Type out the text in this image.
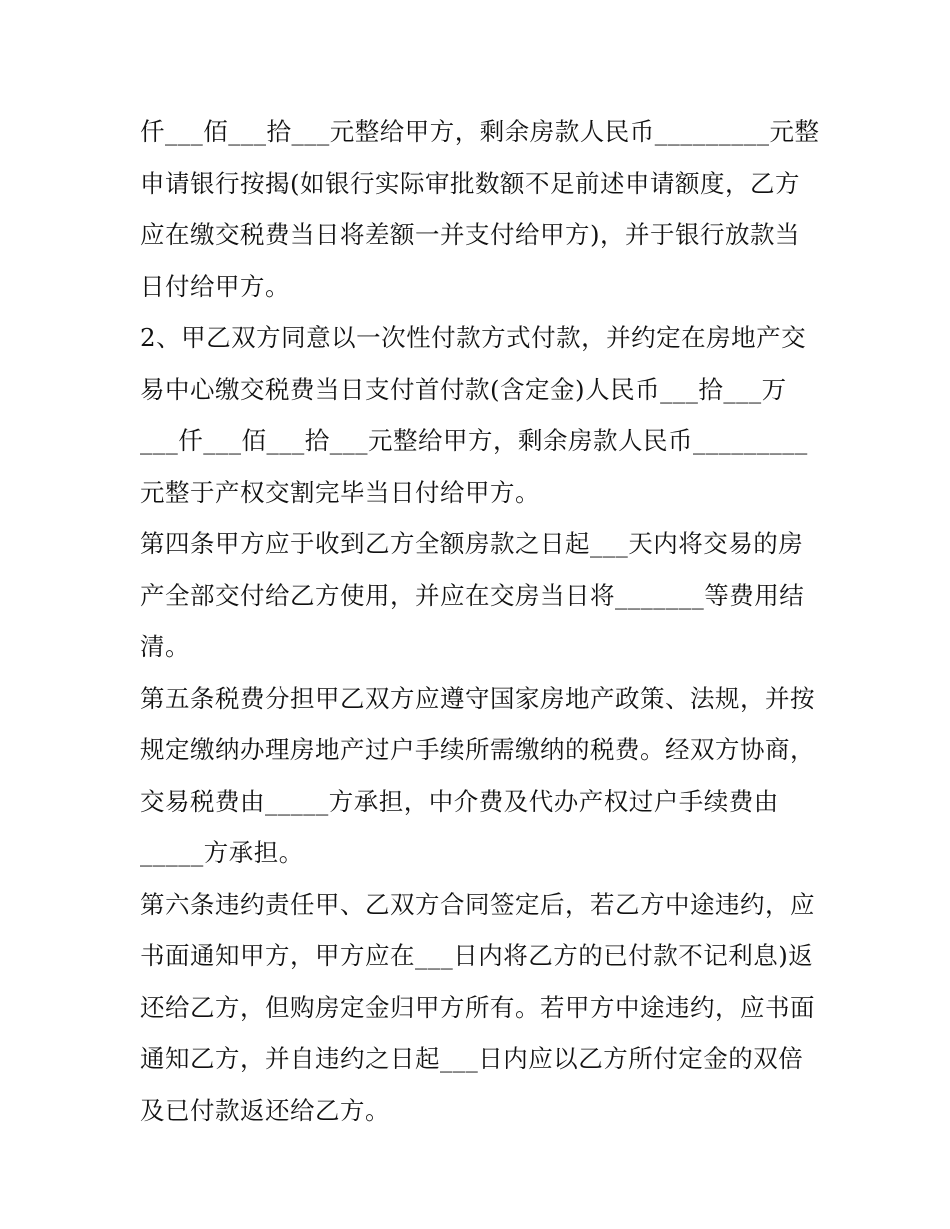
仟___佰___拾___元整给甲方，剩余房款人民币_________元整
申请银行按揭(如银行实际审批数额不足前述申请额度，乙方
应在缴交税费当日将差额一并支付给甲方)，并于银行放款当
日付给甲方。
2、甲乙双方同意以一次性付款方式付款，并约定在房地产交
易中心缴交税费当日支付首付款(含定金)人民币___拾___万
___仟___佰___拾___元整给甲方，剩余房款人民币_________
元整于产权交割完毕当日付给甲方。
第四条甲方应于收到乙方全额房款之日起___天内将交易的房
产全部交付给乙方使用，并应在交房当日将_______等费用结
清。
第五条税费分担甲乙双方应遵守国家房地产政策、法规，并按
规定缴纳办理房地产过户手续所需缴纳的税费。经双方协商，
交易税费由_____方承担，中介费及代办产权过户手续费由
_____方承担。
第六条违约责任甲、乙双方合同签定后，若乙方中途违约，应
书面通知甲方，甲方应在___日内将乙方的已付款不记利息)返
还给乙方，但购房定金归甲方所有。若甲方中途违约，应书面
通知乙方，并自违约之日起___日内应以乙方所付定金的双倍
及已付款返还给乙方。
